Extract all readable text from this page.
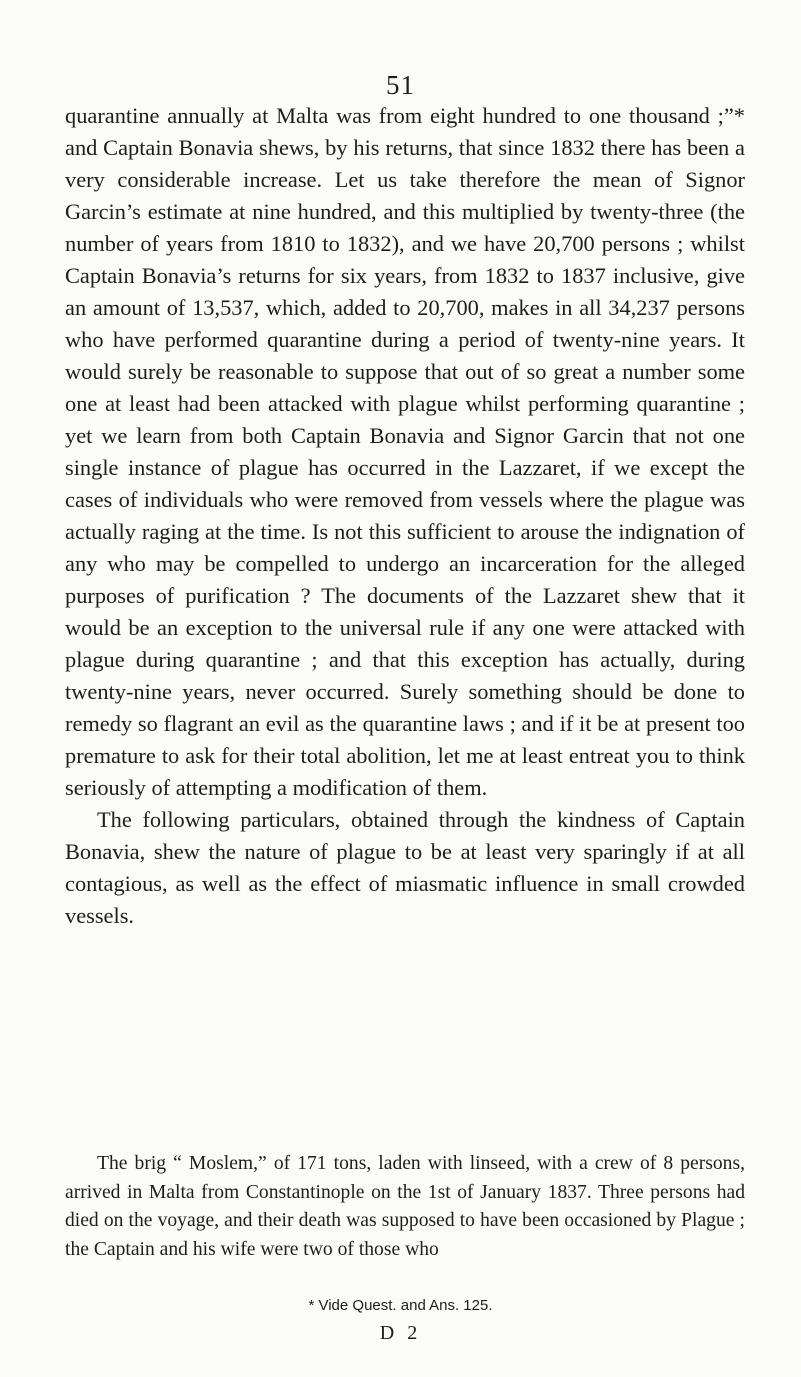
51

quarantine annually at Malta was from eight hundred to one thousand ;”* and Captain Bonavia shews, by his returns, that since 1832 there has been a very considerable increase. Let us take therefore the mean of Signor Garcin’s estimate at nine hundred, and this multiplied by twenty-three (the number of years from 1810 to 1832), and we have 20,700 persons ; whilst Captain Bonavia’s returns for six years, from 1832 to 1837 inclusive, give an amount of 13,537, which, added to 20,700, makes in all 34,237 persons who have performed quarantine during a period of twenty-nine years. It would surely be reasonable to suppose that out of so great a number some one at least had been attacked with plague whilst performing quarantine ; yet we learn from both Captain Bonavia and Signor Garcin that not one single instance of plague has occurred in the Lazzaret, if we except the cases of individuals who were removed from vessels where the plague was actually raging at the time. Is not this sufficient to arouse the indignation of any who may be compelled to undergo an incarceration for the alleged purposes of purification ? The documents of the Lazzaret shew that it would be an exception to the universal rule if any one were attacked with plague during quarantine ; and that this exception has actually, during twenty-nine years, never occurred. Surely something should be done to remedy so flagrant an evil as the quarantine laws ; and if it be at present too premature to ask for their total abolition, let me at least entreat you to think seriously of attempting a modification of them.

The following particulars, obtained through the kindness of Captain Bonavia, shew the nature of plague to be at least very sparingly if at all contagious, as well as the effect of miasmatic influence in small crowded vessels.

The brig “ Moslem,” of 171 tons, laden with linseed, with a crew of 8 persons, arrived in Malta from Constantinople on the 1st of January 1837. Three persons had died on the voyage, and their death was supposed to have been occasioned by Plague ; the Captain and his wife were two of those who

* Vide Quest. and Ans. 125.
D 2
